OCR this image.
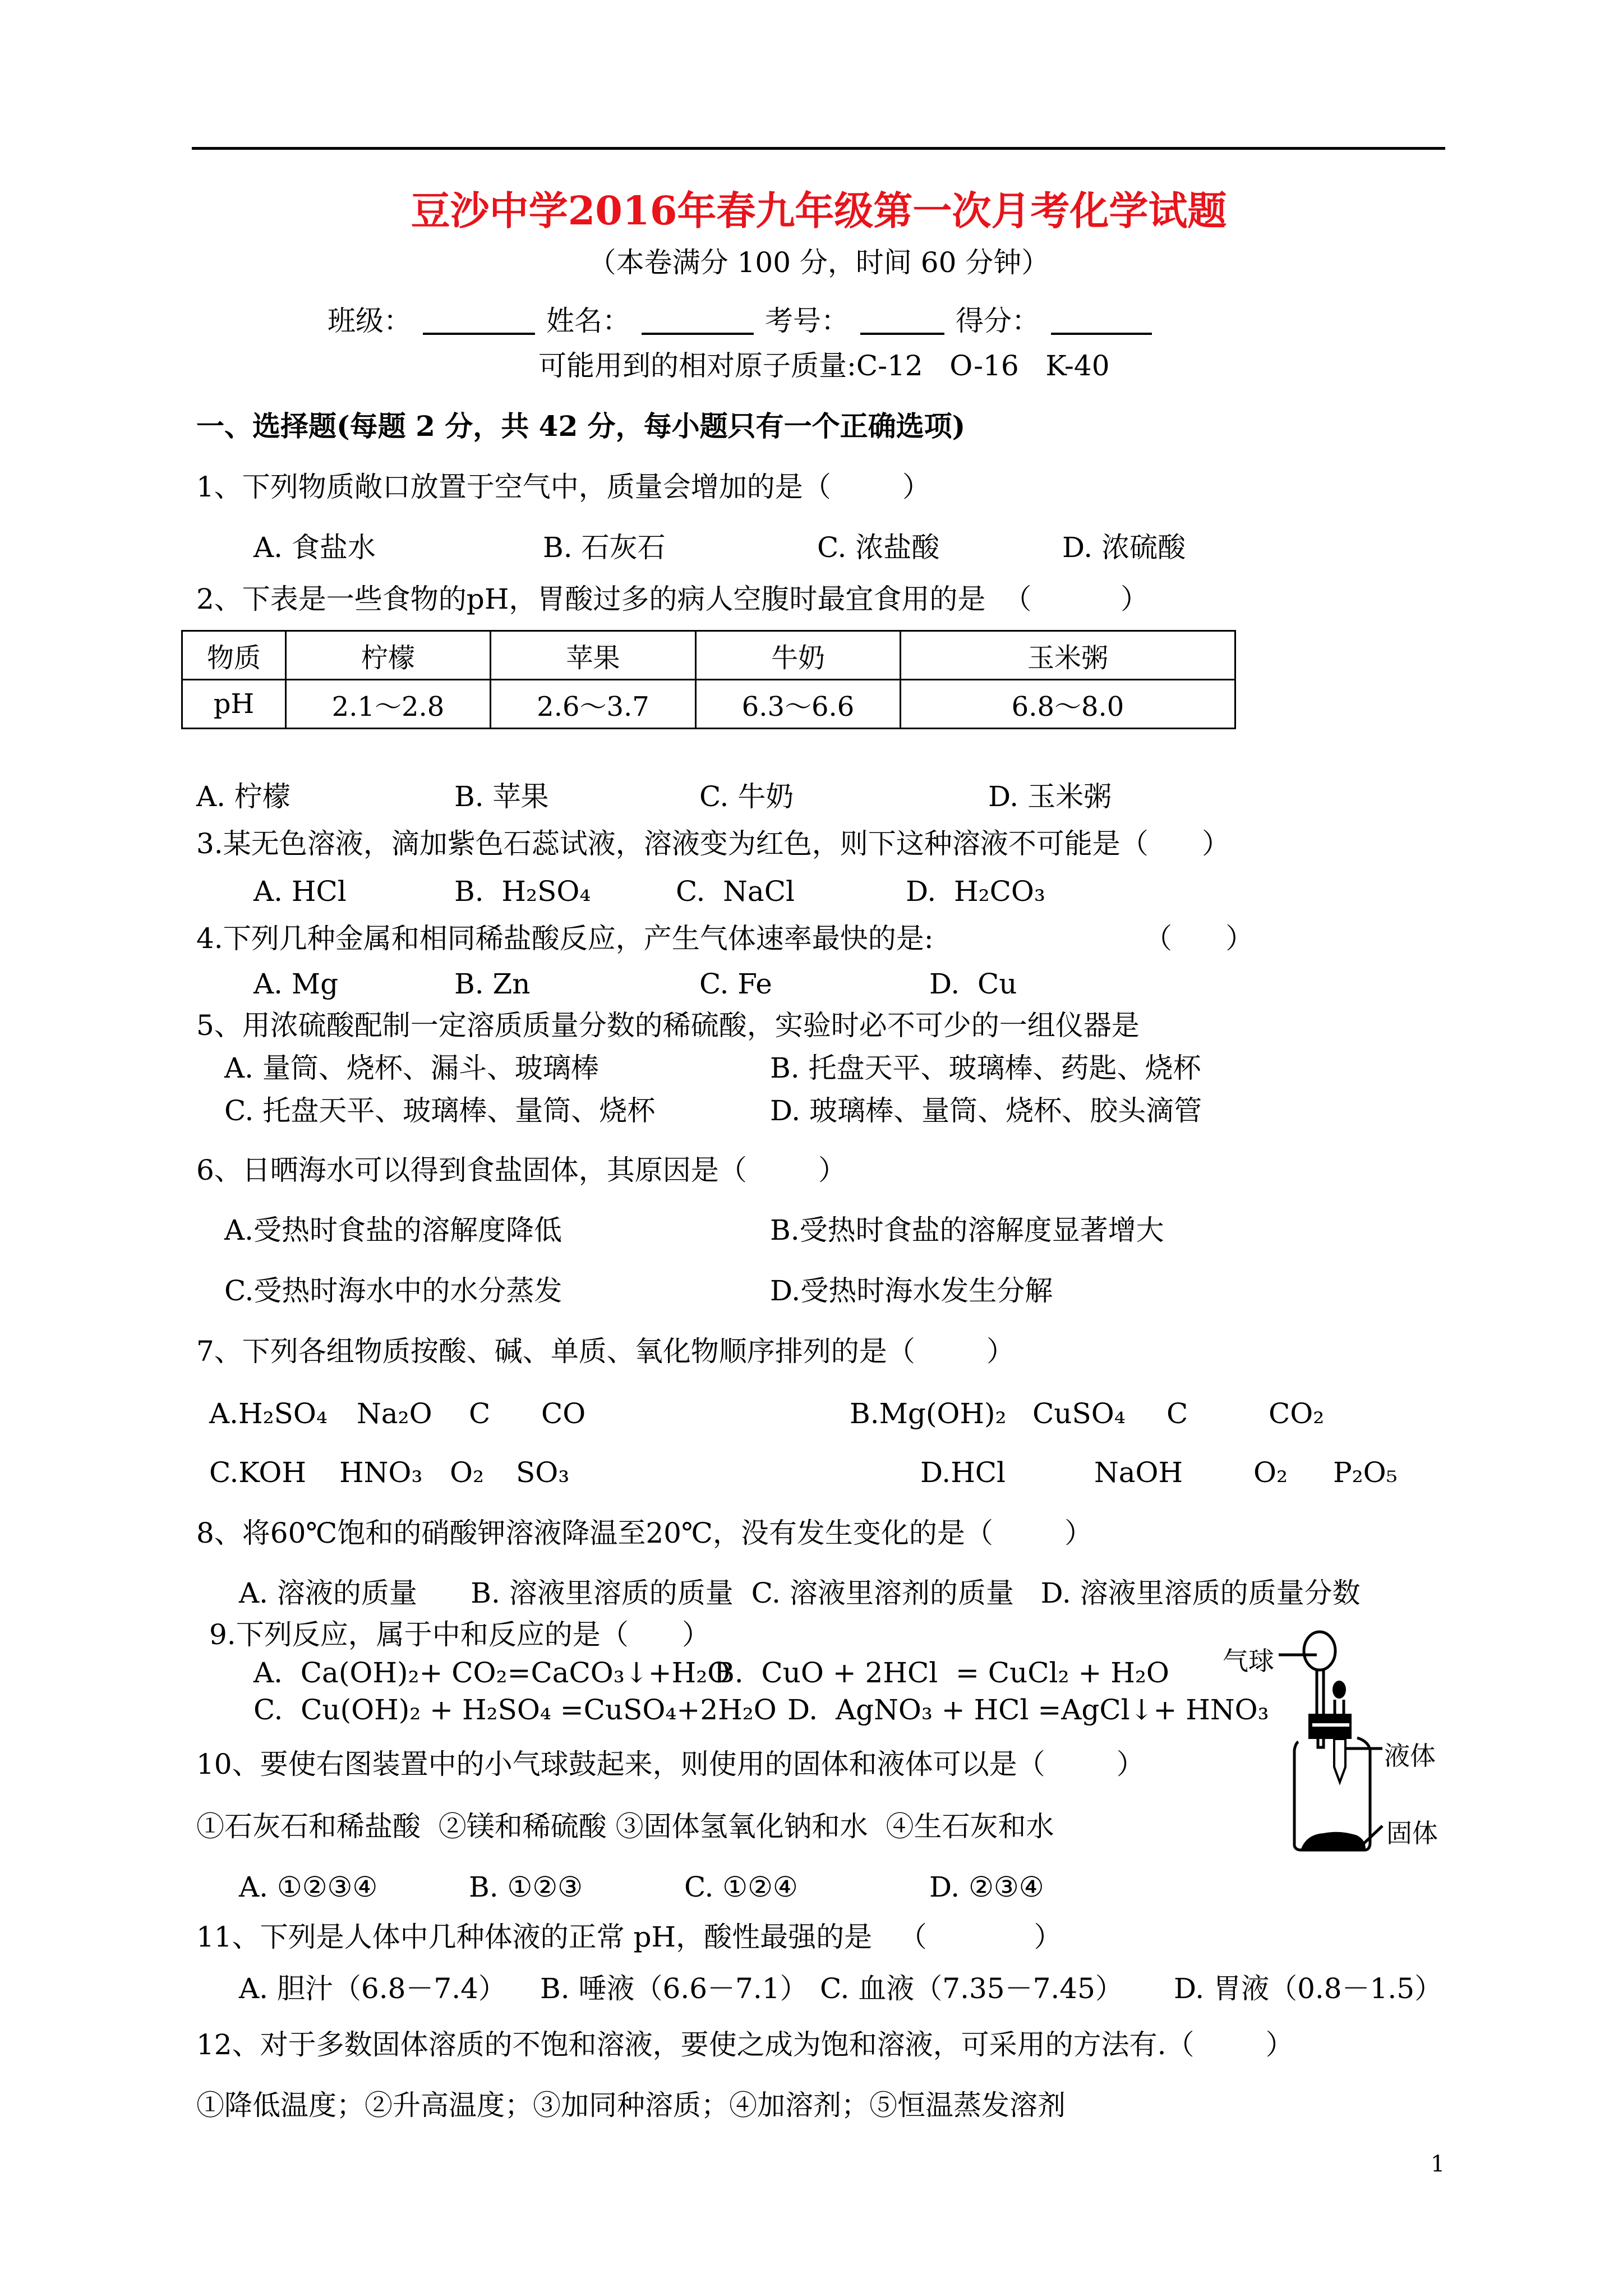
豆沙中学2016年春九年级第一次月考化学试题
（本卷满分 100 分，时间 60 分钟）

班级：	姓名：	考号：	得分：

可能用到的相对原子质量:C-12   O-16   K-40
一、选择题(每题 2 分，共 42 分，每小题只有一个正确选项)
1、下列物质敞口放置于空气中，质量会增加的是（        ）
A. 食盐水	B. 石灰石	C. 浓盐酸	D. 浓硫酸
2、下表是一些食物的pH，胃酸过多的病人空腹时最宜食用的是  （          ）
物质	柠檬	苹果	牛奶	玉米粥
pH	2.1～2.8	2.6～3.7	6.3～6.6	6.8～8.0
A. 柠檬	B. 苹果	C. 牛奶	D. 玉米粥
3.某无色溶液，滴加紫色石蕊试液，溶液变为红色，则下这种溶液不可能是（      ）
A. HCl	B.  H₂SO₄	C.  NaCl	D.  H₂CO₃
4.下列几种金属和相同稀盐酸反应，产生气体速率最快的是:	（      ）
A. Mg	B. Zn	C. Fe	D.  Cu
5、用浓硫酸配制一定溶质质量分数的稀硫酸，实验时必不可少的一组仪器是
A. 量筒、烧杯、漏斗、玻璃棒	B. 托盘天平、玻璃棒、药匙、烧杯
C. 托盘天平、玻璃棒、量筒、烧杯	D. 玻璃棒、量筒、烧杯、胶头滴管
6、日晒海水可以得到食盐固体，其原因是（        ）
A.受热时食盐的溶解度降低	B.受热时食盐的溶解度显著增大
C.受热时海水中的水分蒸发	D.受热时海水发生分解
7、下列各组物质按酸、碱、单质、氧化物顺序排列的是（        ）
A.H₂SO₄ Na₂O C CO	B.Mg(OH)₂ CuSO₄ C	CO₂
C.KOH HNO₃ O₂ SO₃	D.HCl	NaOH	O₂ P₂O₅
8、将60℃饱和的硝酸钾溶液降温至20℃，没有发生变化的是（        ）
A. 溶液的质量      B. 溶液里溶质的质量  C. 溶液里溶剂的质量   D. 溶液里溶质的质量分数
9.下列反应，属于中和反应的是（      ）
A.  Ca(OH)₂+ CO₂=CaCO₃↓+H₂O
B.  CuO + 2HCl  = CuCl₂ + H₂O
C.  Cu(OH)₂ + H₂SO₄ =CuSO₄+2H₂O D.  AgNO₃ + HCl =AgCl↓+ HNO₃
10、要使右图装置中的小气球鼓起来，则使用的固体和液体可以是（        ）
①石灰石和稀盐酸  ②镁和稀硫酸 ③固体氢氧化钠和水  ④生石灰和水
A. ①②③④	B. ①②③	C. ①②④	D. ②③④
气球
液体
固体
11、下列是人体中几种体液的正常 pH，酸性最强的是   （            ）
A. 胆汁（6.8－7.4） B. 唾液（6.6－7.1） C. 血液（7.35－7.45） D. 胃液（0.8－1.5）
12、对于多数固体溶质的不饱和溶液，要使之成为饱和溶液，可采用的方法有.（        ）
①降低温度；②升高温度；③加同种溶质；④加溶剂；⑤恒温蒸发溶剂
1
